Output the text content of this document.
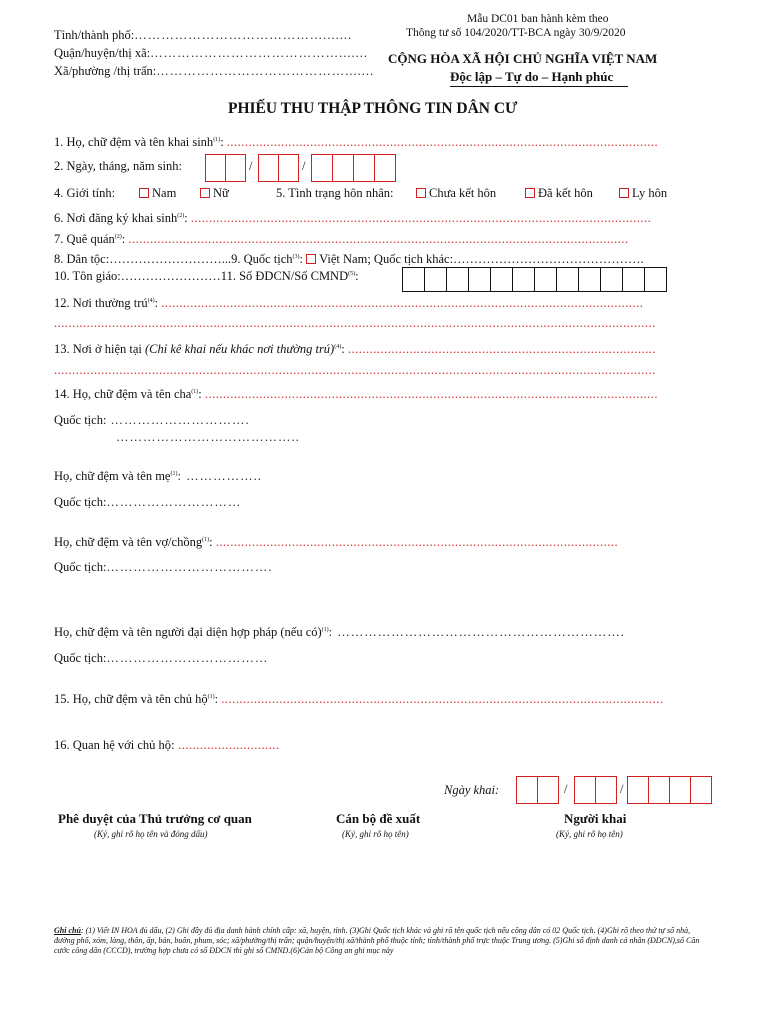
Tỉnh/thành phố:…………………………………….......
Quận/huyện/thị xã:…………………………………….......
Xã/phường /thị trấn:…………………………………….......
Mẫu DC01 ban hành kèm theo
Thông tư số 104/2020/TT-BCA ngày 30/9/2020
CỘNG HÒA XÃ HỘI CHỦ NGHĨA VIỆT NAM
Độc lập – Tự do – Hạnh phúc
PHIẾU THU THẬP THÔNG TIN DÂN CƯ
1. Họ, chữ đệm và tên khai $\sinh^{(1)}$: .......................................................................................................................
2. Ngày, tháng, năm sinh:	/	/
4. Giới tính:	Nam	Nữ	5. Tình trạng hôn nhân:	Chưa kết hôn	Đã kết hôn	Ly hôn
6. Nơi đăng ký khai $\sinh^{(2)}$: ...............................................................................................................................
7. Quê quán$^{(2)}$: ..........................................................................................................................................
8. Dân tộc:………………………...9. Quốc tịch$^{(3)}$: Việt Nam; Quốc tịch khác:……………………………………….
10. Tôn giáo:……………………11. Số ĐDCN/Số CMND$^{(5)}$:
12. Nơi thường trú$^{(4)}$: .....................................................................................................................................
......................................................................................................................................................................
13. Nơi ở hiện tại (Chỉ kê khai nếu khác nơi thường trú)$^{(4)}$: .....................................................................................
......................................................................................................................................................................
14. Họ, chữ đệm và tên cha$^{(1)}$: .............................................................................................................................
Quốc tịch: ………………………….
…………………………………..
Họ, chữ đệm và tên mẹ$^{(1)}$: ……………..
Quốc tịch:…………………………
Họ, chữ đệm và tên vợ/chồng$^{(1)}$: ...............................................................................................................
Quốc tịch:……………………………….
Họ, chữ đệm và tên người đại diện hợp pháp (nếu có)$^{(1)}$: ……………………………………………………….
Quốc tịch:………………………………
15. Họ, chữ đệm và tên chủ hộ$^{(1)}$: ..........................................................................................................................
16. Quan hệ với chủ hộ: ............................
Ngày khai:	/	/
Phê duyệt của Thủ trưởng cơ quan
(Ký, ghi rõ họ tên và đóng dấu)
Cán bộ đề xuất
(Ký, ghi rõ họ tên)
Người khai
(Ký, ghi rõ họ tên)
Ghi chú: (1) Viết IN HOA đủ dấu, (2) Ghi đầy đủ địa danh hành chính cấp: xã, huyện, tỉnh. (3)Ghi Quốc tịch khác và ghi rõ tên quốc tịch nếu công dân có 02 Quốc tịch. (4)Ghi rõ theo thứ tự số nhà, đường phố, xóm, làng, thôn, ấp, bản, buôn, phum, sóc; xã/phường/thị trấn; quận/huyện/thị xã/thành phố thuộc tỉnh; tỉnh/thành phố trực thuộc Trung ương. (5)Ghi số định danh cá nhân (ĐDCN),số Căn cước công dân (CCCD), trường hợp chưa có số ĐDCN thì ghi số CMND.(6)Cán bộ Công an ghi mục này
